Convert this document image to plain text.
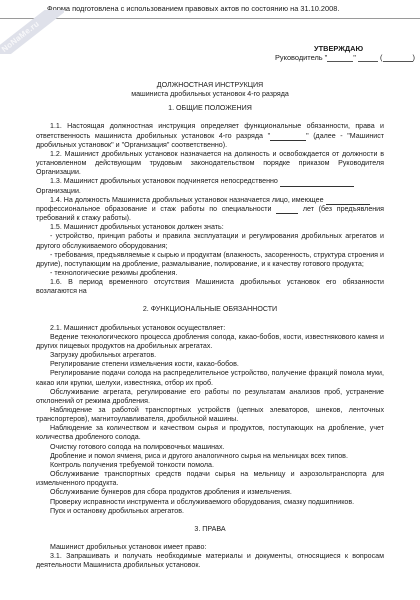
Форма подготовлена с использованием правовых актов по состоянию на 31.10.2008.
NoNaMe.ru	УТВЕРЖДАЮ
Руководитель "	"	(	)
ДОЛЖНОСТНАЯ ИНСТРУКЦИЯ
машиниста дробильных установок 4-го разряда
1. ОБЩИЕ ПОЛОЖЕНИЯ

1.1. Настоящая должностная инструкция определяет функциональные обязанности, права и ответственность машиниста дробильных установок 4-го разряда "	" (далее - "Машинист дробильных установок" и "Организация" соответственно).

1.2. Машинист дробильных установок назначается на должность и освобождается от должности в установленном действующим трудовым законодательством порядке приказом Руководителя Организации.

1.3. Машинист дробильных установок подчиняется непосредственно

Организации.

1.4. На должность Машиниста дробильных установок назначается лицо, имеющее

профессиональное образование и стаж работы по специальности	лет (без предъявления требований к стажу работы).

1.5. Машинист дробильных установок должен знать:

- устройство, принцип работы и правила эксплуатации и регулирования дробильных агрегатов и другого обслуживаемого оборудования;

- требования, предъявляемые к сырью и продуктам (влажность, засоренность, структура строения и другие), поступающим на дробление, размалывание, полирование, и к качеству готового продукта;

- технологические режимы дробления.

1.6. В период временного отсутствия Машиниста дробильных установок его обязанности возлагаются на

2. ФУНКЦИОНАЛЬНЫЕ ОБЯЗАННОСТИ

2.1. Машинист дробильных установок осуществляет:

Ведение технологического процесса дробления солода, какао-бобов, кости, известнякового камня и других пищевых продуктов на дробильных агрегатах.

Загрузку дробильных агрегатов.

Регулирование степени измельчения кости, какао-бобов.

Регулирование подачи солода на распределительное устройство, получение фракций помола муки, какао или крупки, шелухи, известняка, отбор их проб.

Обслуживание агрегата, регулирование его работы по результатам анализов проб, устранение отклонений от режима дробления.

Наблюдение за работой транспортных устройств (цепных элеваторов, шнеков, ленточных транспортеров), магнитоулавливателя, дробильной машины.

Наблюдение за количеством и качеством сырья и продуктов, поступающих на дробление, учет количества дробленого солода.

Очистку готового солода на полировочных машинах.

Дробление и помол ячменя, риса и другого аналогичного сырья на мельницах всех типов.

Контроль получения требуемой тонкости помола.

Обслуживание транспортных средств подачи сырья на мельницу и аэрозольтранспорта для измельченного продукта.

Обслуживание бункеров для сбора продуктов дробления и измельчения.

Проверку исправности инструмента и обслуживаемого оборудования, смазку подшипников.

Пуск и остановку дробильных агрегатов.

3. ПРАВА

Машинист дробильных установок имеет право:

3.1. Запрашивать и получать необходимые материалы и документы, относящиеся к вопросам деятельности Машиниста дробильных установок.
